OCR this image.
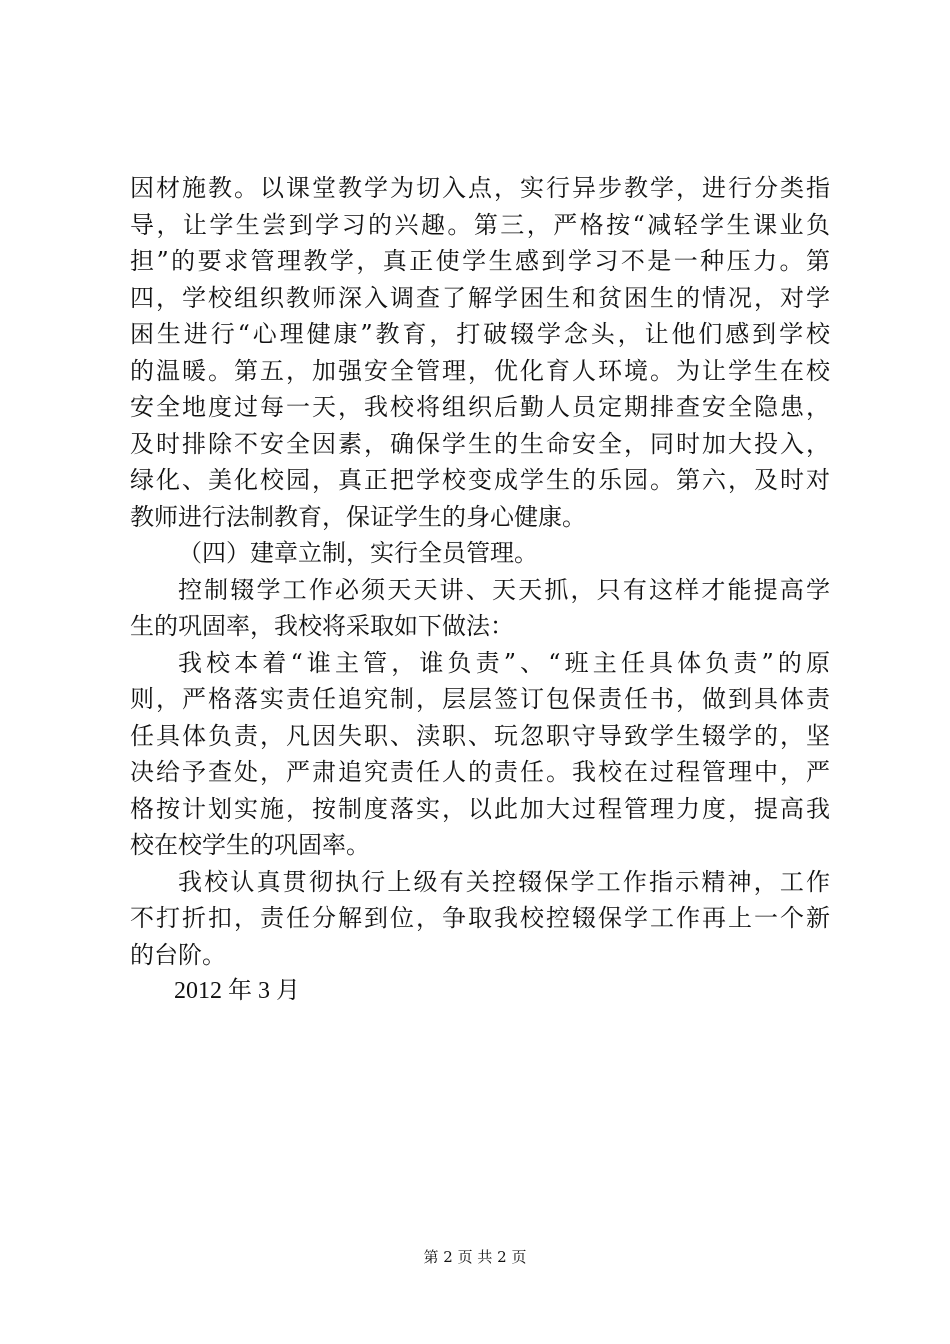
因材施教。以课堂教学为切入点，实行异步教学，进行分类指
导，让学生尝到学习的兴趣。第三，严格按“减轻学生课业负
担”的要求管理教学，真正使学生感到学习不是一种压力。第
四，学校组织教师深入调查了解学困生和贫困生的情况，对学
困生进行“心理健康”教育，打破辍学念头，让他们感到学校
的温暖。第五，加强安全管理，优化育人环境。为让学生在校
安全地度过每一天，我校将组织后勤人员定期排查安全隐患，
及时排除不安全因素，确保学生的生命安全，同时加大投入，
绿化、美化校园，真正把学校变成学生的乐园。第六，及时对
教师进行法制教育，保证学生的身心健康。
（四）建章立制，实行全员管理。
控制辍学工作必须天天讲、天天抓，只有这样才能提高学
生的巩固率，我校将采取如下做法：
我校本着“谁主管，谁负责”、“班主任具体负责”的原
则，严格落实责任追究制，层层签订包保责任书，做到具体责
任具体负责，凡因失职、渎职、玩忽职守导致学生辍学的，坚
决给予查处，严肃追究责任人的责任。我校在过程管理中，严
格按计划实施，按制度落实，以此加大过程管理力度，提高我
校在校学生的巩固率。
我校认真贯彻执行上级有关控辍保学工作指示精神，工作
不打折扣，责任分解到位，争取我校控辍保学工作再上一个新
的台阶。
2012 年 3 月
第 2 页 共 2 页
